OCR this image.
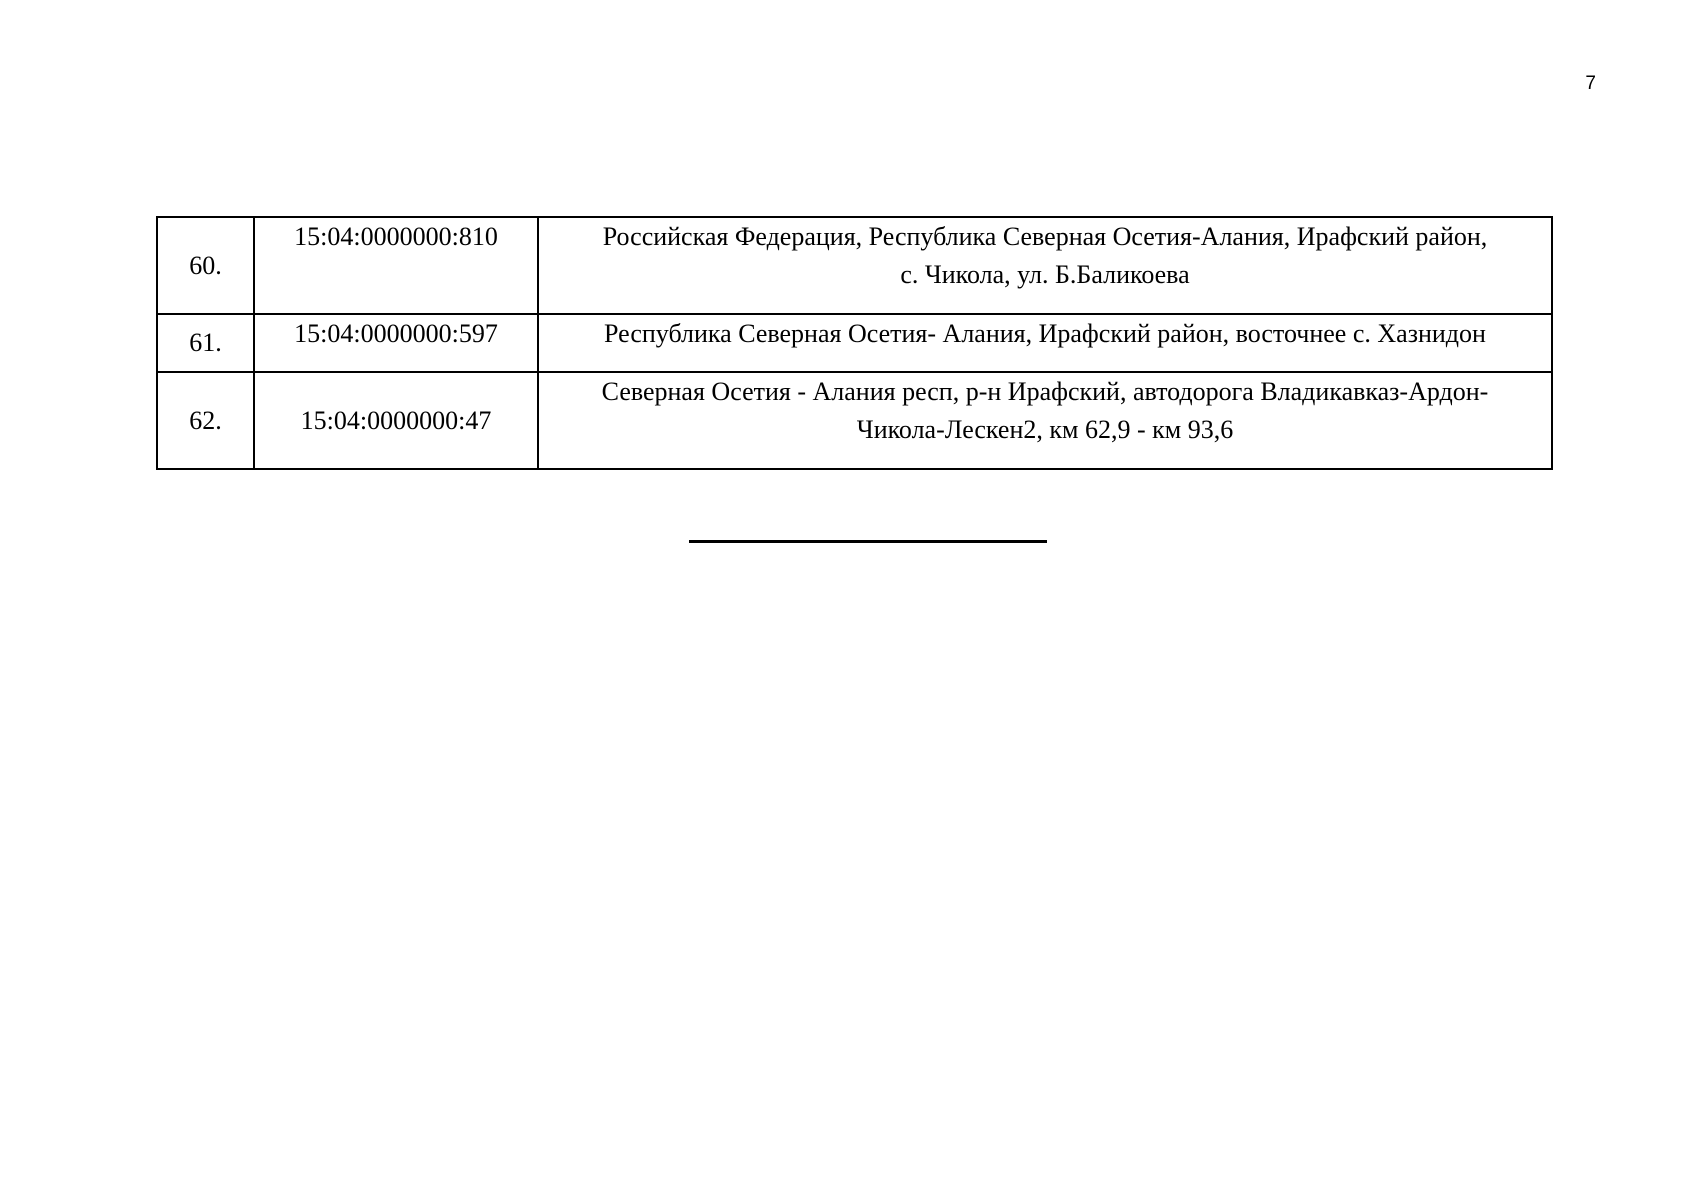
7
60.	15:04:0000000:810	Российская Федерация, Республика Северная Осетия-Алания, Ирафский район,
с. Чикола, ул. Б.Баликоева

61.	15:04:0000000:597	Республика Северная Осетия- Алания, Ирафский район, восточнее с. Хазнидон

62.	15:04:0000000:47	Северная Осетия - Алания респ, р-н Ирафский, автодорога Владикавказ-Ардон-
Чикола-Лескен2, км 62,9 - км 93,6
